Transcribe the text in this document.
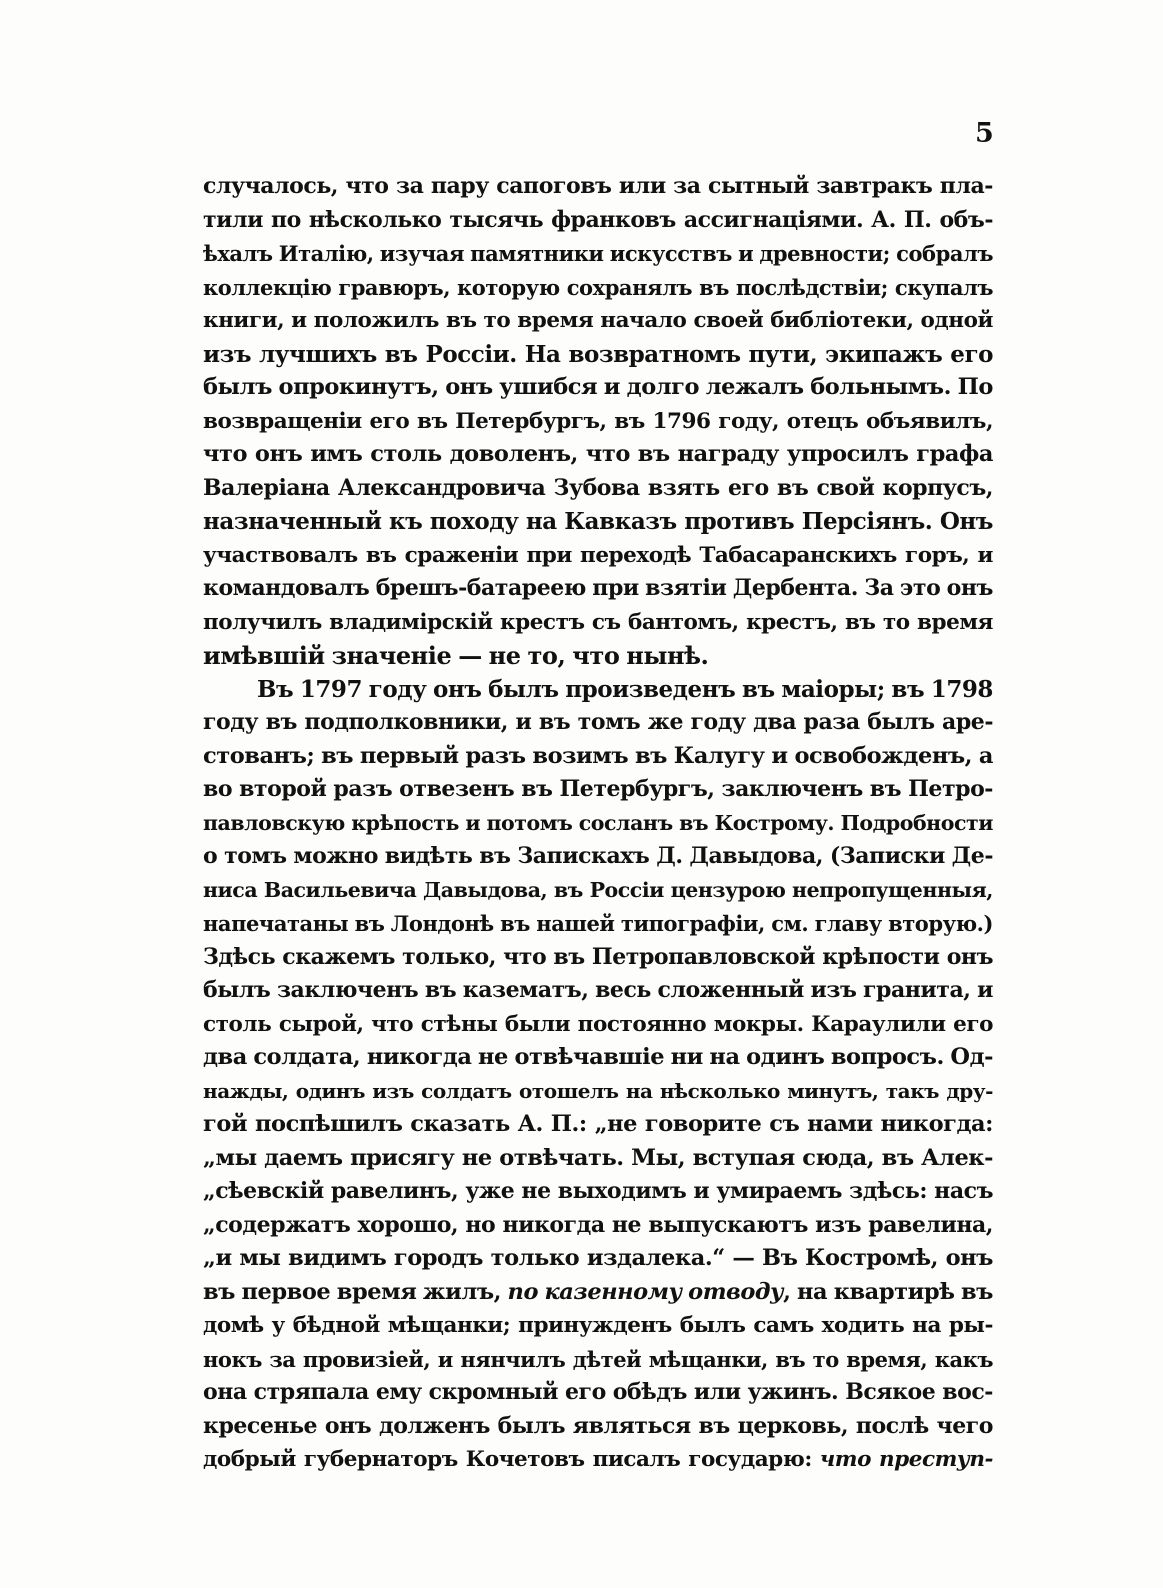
5
случалось, что за пару сапоговъ или за сытный завтракъ пла-
тили по нѣсколько тысячь франковъ ассигнаціями. А. П. объ-
ѣхалъ Италію, изучая памятники искусствъ и древности; собралъ
коллекцію гравюръ, которую сохранялъ въ послѣдствіи; скупалъ
книги, и положилъ въ то время начало своей библіотеки, одной
изъ лучшихъ въ Россіи. На возвратномъ пути, экипажъ его
былъ опрокинутъ, онъ ушибся и долго лежалъ больнымъ. По
возвращеніи его въ Петербургъ, въ 1796 году, отецъ объявилъ,
что онъ имъ столь доволенъ, что въ награду упросилъ графа
Валеріана Александровича Зубова взять его въ свой корпусъ,
назначенный къ походу на Кавказъ противъ Персіянъ. Онъ
участвовалъ въ сраженіи при переходѣ Табасаранскихъ горъ, и
командовалъ брешъ-батареею при взятіи Дербента. За это онъ
получилъ владимірскій крестъ съ бантомъ, крестъ, въ то время
имѣвшій значеніе — не то, что нынѣ.
Въ 1797 году онъ былъ произведенъ въ маіоры; въ 1798
году въ подполковники, и въ томъ же году два раза былъ аре-
стованъ; въ первый разъ возимъ въ Калугу и освобожденъ, а
во второй разъ отвезенъ въ Петербургъ, заключенъ въ Петро-
павловскую крѣпость и потомъ сосланъ въ Кострому. Подробности
о томъ можно видѣть въ Запискахъ Д. Давыдова, (Записки Де-
ниса Васильевича Давыдова, въ Россіи цензурою непропущенныя,
напечатаны въ Лондонѣ въ нашей типографіи, см. главу вторую.)
Здѣсь скажемъ только, что въ Петропавловской крѣпости онъ
былъ заключенъ въ казематъ, весь сложенный изъ гранита, и
столь сырой, что стѣны были постоянно мокры. Караулили его
два солдата, никогда не отвѣчавшіе ни на одинъ вопросъ. Од-
нажды, одинъ изъ солдатъ отошелъ на нѣсколько минутъ, такъ дру-
гой поспѣшилъ сказать А. П.: „не говорите съ нами никогда:
„мы даемъ присягу не отвѣчать. Мы, вступая сюда, въ Алек-
„сѣевскій равелинъ, уже не выходимъ и умираемъ здѣсь: насъ
„содержатъ хорошо, но никогда не выпускаютъ изъ равелина,
„и мы видимъ городъ только издалека.“ — Въ Костромѣ, онъ
въ первое время жилъ, по казенному отводу, на квартирѣ въ
домѣ у бѣдной мѣщанки; принужденъ былъ самъ ходить на ры-
нокъ за провизіей, и нянчилъ дѣтей мѣщанки, въ то время, какъ
она стряпала ему скромный его обѣдъ или ужинъ. Всякое вос-
кресенье онъ долженъ былъ являться въ церковь, послѣ чего
добрый губернаторъ Кочетовъ писалъ государю: что преступ-
